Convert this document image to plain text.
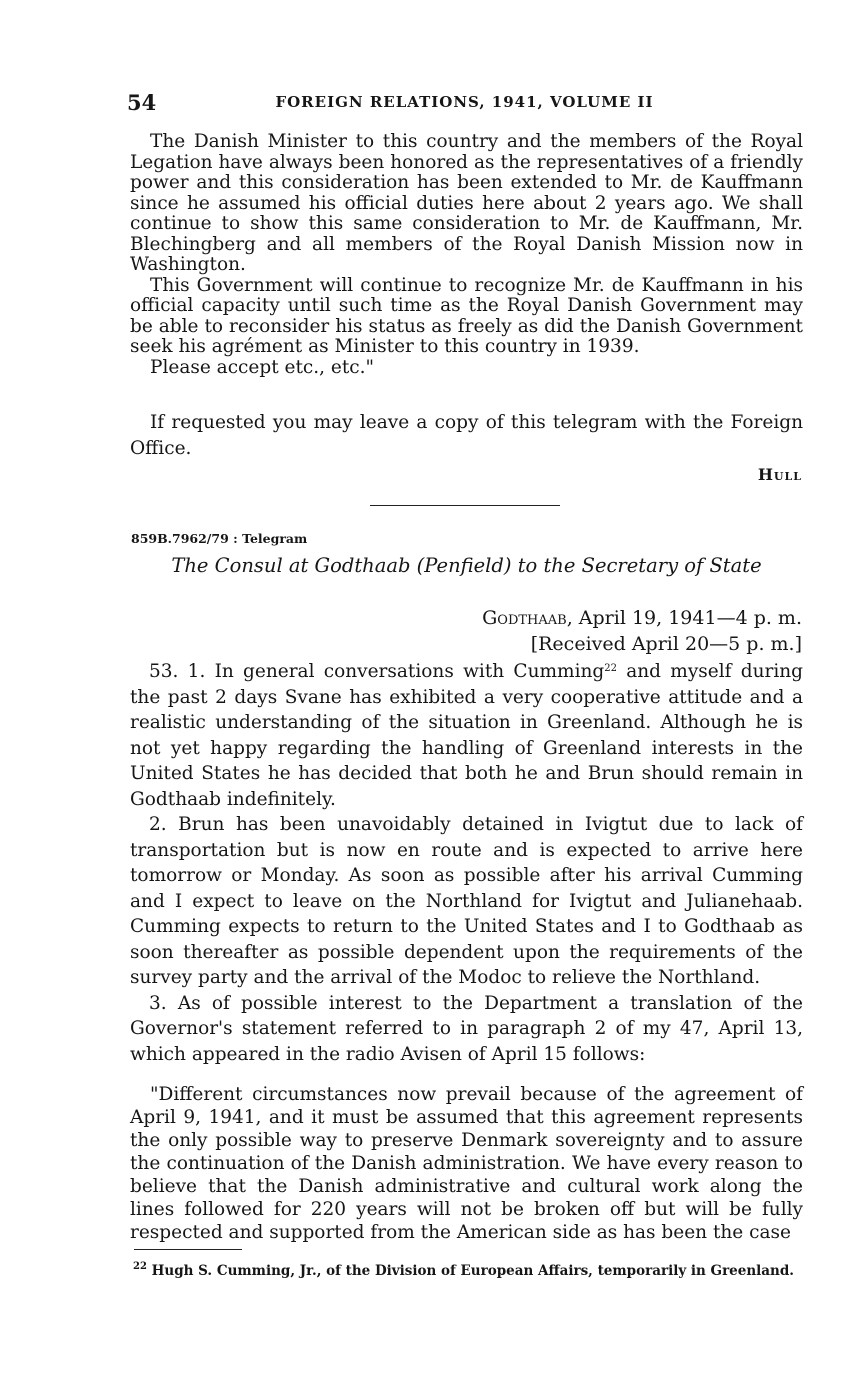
54	FOREIGN RELATIONS, 1941, VOLUME II

The Danish Minister to this country and the members of the Royal Legation have always been honored as the representatives of a friendly power and this consideration has been extended to Mr. de Kauffmann since he assumed his official duties here about 2 years ago. We shall continue to show this same consideration to Mr. de Kauffmann, Mr. Blechingberg and all members of the Royal Danish Mission now in Washington.

This Government will continue to recognize Mr. de Kauffmann in his official capacity until such time as the Royal Danish Government may be able to reconsider his status as freely as did the Danish Government seek his agrément as Minister to this country in 1939.

Please accept etc., etc."

If requested you may leave a copy of this telegram with the Foreign Office.

Hull
859B.7962/79 : Telegram
The Consul at Godthaab (Penfield) to the Secretary of State
Godthaab, April 19, 1941—4 p. m.
[Received April 20—5 p. m.]

53. 1. In general conversations with Cumming$^{22}$ and myself during the past 2 days Svane has exhibited a very cooperative attitude and a realistic understanding of the situation in Greenland. Although he is not yet happy regarding the handling of Greenland interests in the United States he has decided that both he and Brun should remain in Godthaab indefinitely.

2. Brun has been unavoidably detained in Ivigtut due to lack of transportation but is now en route and is expected to arrive here tomorrow or Monday. As soon as possible after his arrival Cumming and I expect to leave on the Northland for Ivigtut and Julianehaab. Cumming expects to return to the United States and I to Godthaab as soon thereafter as possible dependent upon the requirements of the survey party and the arrival of the Modoc to relieve the Northland.

3. As of possible interest to the Department a translation of the Governor's statement referred to in paragraph 2 of my 47, April 13, which appeared in the radio Avisen of April 15 follows:

"Different circumstances now prevail because of the agreement of April 9, 1941, and it must be assumed that this agreement represents the only possible way to preserve Denmark sovereignty and to assure the continuation of the Danish administration. We have every reason to believe that the Danish administrative and cultural work along the lines followed for 220 years will not be broken off but will be fully respected and supported from the American side as has been the case

$^{22}$ Hugh S. Cumming, Jr., of the Division of European Affairs, temporarily in Greenland.
